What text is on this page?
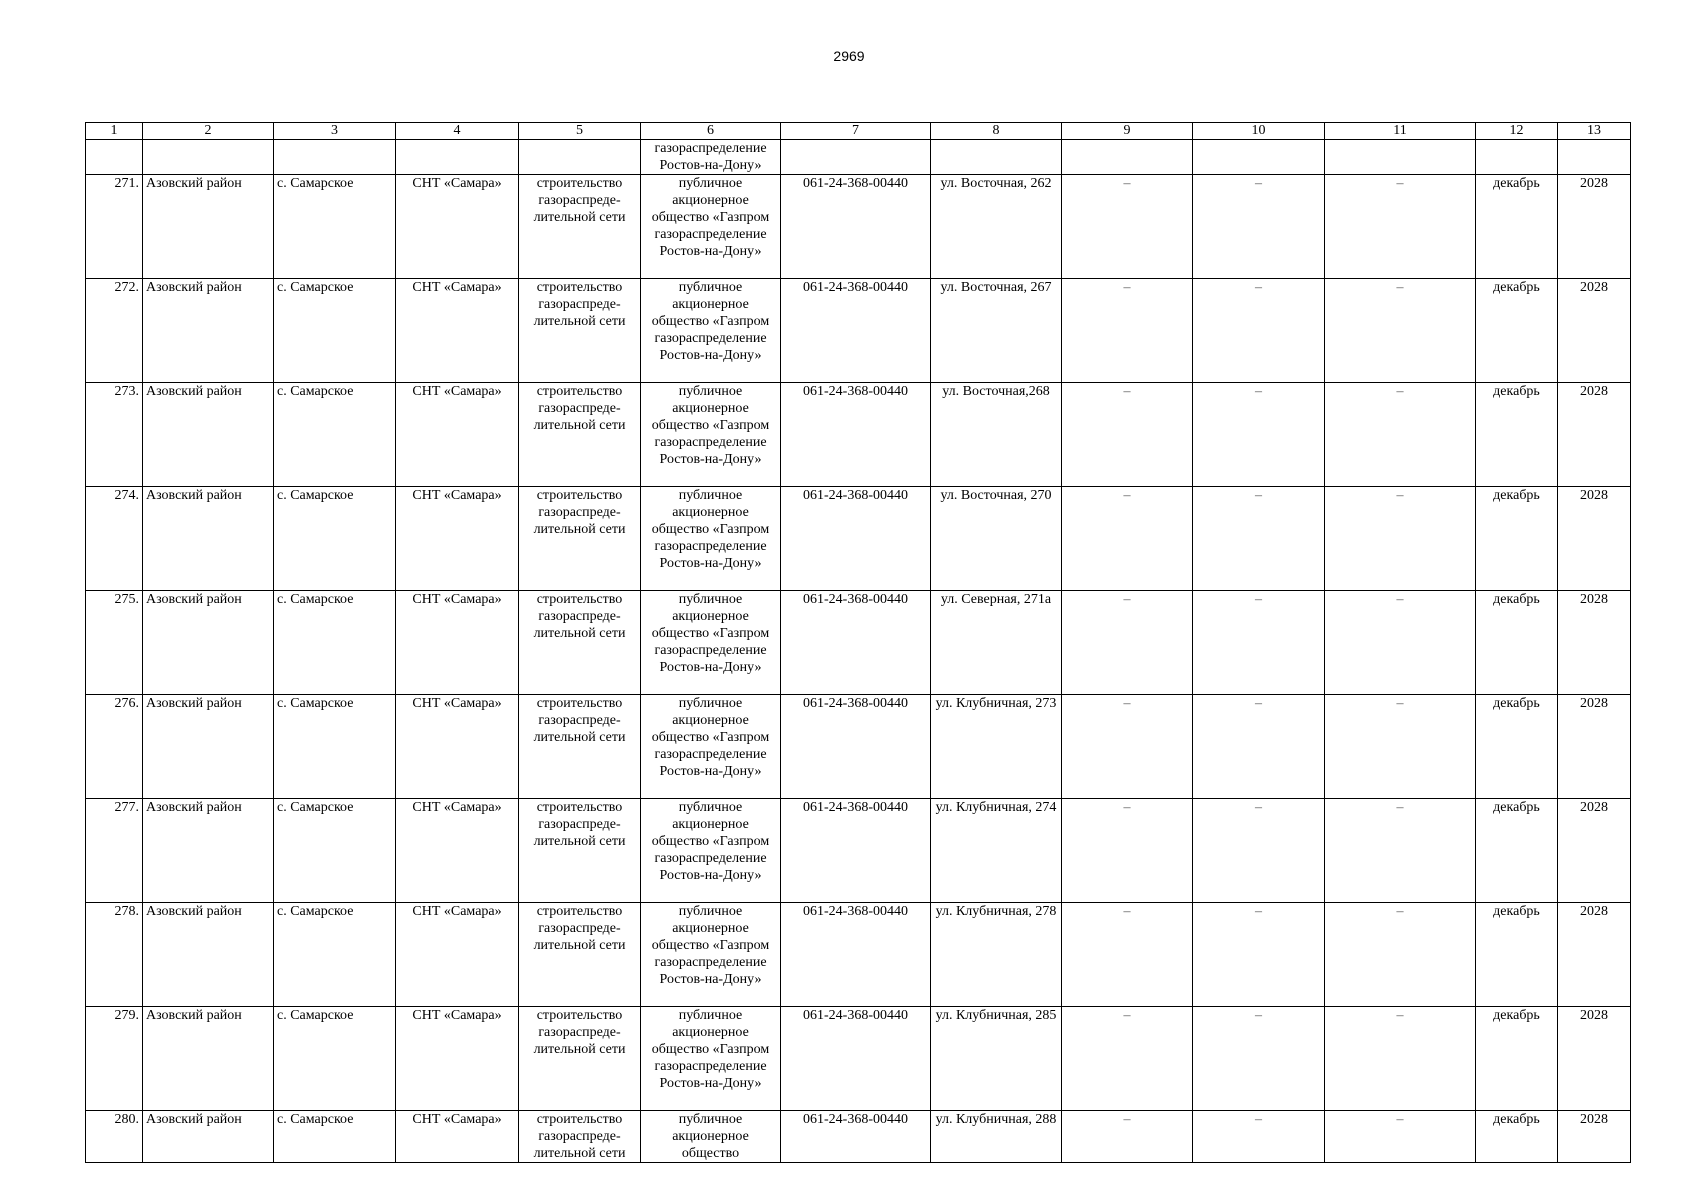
2969
1	2	3	4	5	6	7	8	9	10	11	12	13
					газораспределение Ростов-на-Дону»							
271.	Азовский район	с. Самарское	СНТ «Самара»	строительство газораспреде-лительной сети	публичное акционерное общество «Газпром газораспределение Ростов-на-Дону»	061-24-368-00440	ул. Восточная, 262	–	–	–	декабрь	2028
272.	Азовский район	с. Самарское	СНТ «Самара»	строительство газораспреде-лительной сети	публичное акционерное общество «Газпром газораспределение Ростов-на-Дону»	061-24-368-00440	ул. Восточная, 267	–	–	–	декабрь	2028
273.	Азовский район	с. Самарское	СНТ «Самара»	строительство газораспреде-лительной сети	публичное акционерное общество «Газпром газораспределение Ростов-на-Дону»	061-24-368-00440	ул. Восточная,268	–	–	–	декабрь	2028
274.	Азовский район	с. Самарское	СНТ «Самара»	строительство газораспреде-лительной сети	публичное акционерное общество «Газпром газораспределение Ростов-на-Дону»	061-24-368-00440	ул. Восточная, 270	–	–	–	декабрь	2028
275.	Азовский район	с. Самарское	СНТ «Самара»	строительство газораспреде-лительной сети	публичное акционерное общество «Газпром газораспределение Ростов-на-Дону»	061-24-368-00440	ул. Северная, 271а	–	–	–	декабрь	2028
276.	Азовский район	с. Самарское	СНТ «Самара»	строительство газораспреде-лительной сети	публичное акционерное общество «Газпром газораспределение Ростов-на-Дону»	061-24-368-00440	ул. Клубничная, 273	–	–	–	декабрь	2028
277.	Азовский район	с. Самарское	СНТ «Самара»	строительство газораспреде-лительной сети	публичное акционерное общество «Газпром газораспределение Ростов-на-Дону»	061-24-368-00440	ул. Клубничная, 274	–	–	–	декабрь	2028
278.	Азовский район	с. Самарское	СНТ «Самара»	строительство газораспреде-лительной сети	публичное акционерное общество «Газпром газораспределение Ростов-на-Дону»	061-24-368-00440	ул. Клубничная, 278	–	–	–	декабрь	2028
279.	Азовский район	с. Самарское	СНТ «Самара»	строительство газораспреде-лительной сети	публичное акционерное общество «Газпром газораспределение Ростов-на-Дону»	061-24-368-00440	ул. Клубничная, 285	–	–	–	декабрь	2028
280.	Азовский район	с. Самарское	СНТ «Самара»	строительство газораспреде-лительной сети	публичное акционерное общество	061-24-368-00440	ул. Клубничная, 288	–	–	–	декабрь	2028
